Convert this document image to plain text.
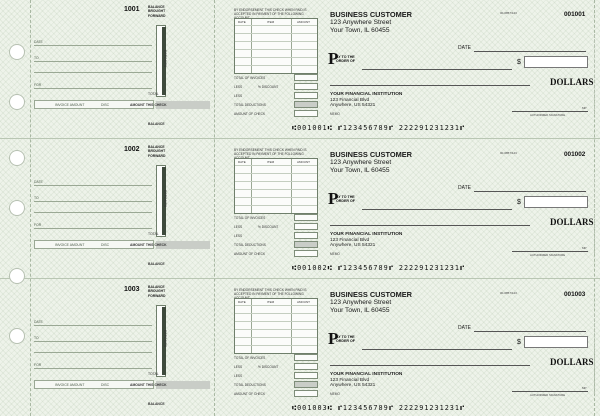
1001 BALANCE BROUGHT FORWARD
DEPOSITS
DATE
TO
FOR
TOTAL
INVOICE AMOUNT	DISC	AMOUNT THIS CHECK
BALANCE
BY ENDORSEMENT THIS CHECK WHEN PAID IS ACCEPTED IN PAYMENT OF THE FOLLOWING
DATE	ITEM	AMOUNT
TOTAL OF INVOICES
LESS	% DISCOUNT
LESS
TOTAL DEDUCTIONS
AMOUNT OF CHECK
BUSINESS CUSTOMER
123 Anywhere Street
Your Town, IL 60455
00-6857/123	001001
DATE
P
AY TO THE ORDER OF	$
DOLLARS
YOUR FINANCIAL INSTITUTION
123 Financial Blvd
Anywhere, US 54321
MEMO
MP
AUTHORIZED SIGNATURE
⑆001001⑆ ⑈123456789⑈ 222291231231⑈
1002 BALANCE BROUGHT FORWARD
DEPOSITS
DATE
TO
FOR
TOTAL
INVOICE AMOUNT	DISC	AMOUNT THIS CHECK
BALANCE
BY ENDORSEMENT THIS CHECK WHEN PAID IS ACCEPTED IN PAYMENT OF THE FOLLOWING
DATE	ITEM	AMOUNT
TOTAL OF INVOICES
LESS	% DISCOUNT
LESS
TOTAL DEDUCTIONS
AMOUNT OF CHECK
BUSINESS CUSTOMER
123 Anywhere Street
Your Town, IL 60455
00-6857/123	001002
DATE
P
AY TO THE ORDER OF	$
DOLLARS
YOUR FINANCIAL INSTITUTION
123 Financial Blvd
Anywhere, US 54321
MEMO
MP
AUTHORIZED SIGNATURE
⑆001002⑆ ⑈123456789⑈ 222291231231⑈
1003 BALANCE BROUGHT FORWARD
DEPOSITS
DATE
TO
FOR
TOTAL
INVOICE AMOUNT	DISC	AMOUNT THIS CHECK
BALANCE
BY ENDORSEMENT THIS CHECK WHEN PAID IS ACCEPTED IN PAYMENT OF THE FOLLOWING
DATE	ITEM	AMOUNT
TOTAL OF INVOICES
LESS	% DISCOUNT
LESS
TOTAL DEDUCTIONS
AMOUNT OF CHECK
BUSINESS CUSTOMER
123 Anywhere Street
Your Town, IL 60455
00-6857/123	001003
DATE
P
AY TO THE ORDER OF	$
DOLLARS
YOUR FINANCIAL INSTITUTION
123 Financial Blvd
Anywhere, US 54321
MEMO
MP
AUTHORIZED SIGNATURE
⑆001003⑆ ⑈123456789⑈ 222291231231⑈
